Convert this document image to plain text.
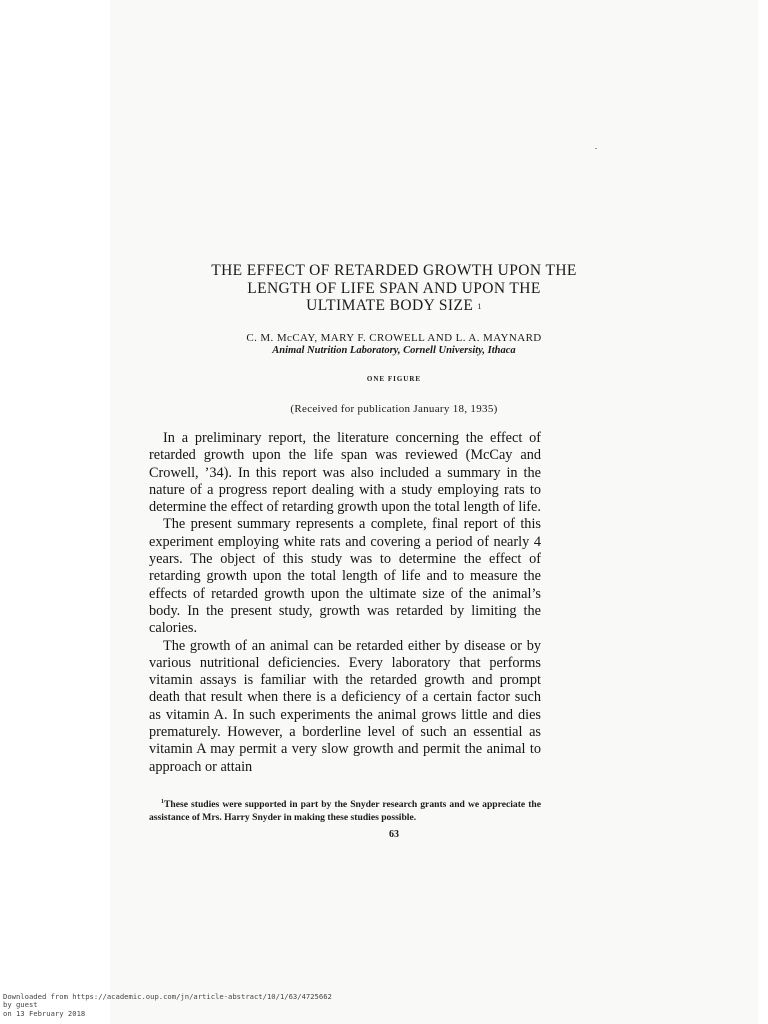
THE EFFECT OF RETARDED GROWTH UPON THE
LENGTH OF LIFE SPAN AND UPON THE
ULTIMATE BODY SIZE $^1$
C. M. McCAY, MARY F. CROWELL AND L. A. MAYNARD
Animal Nutrition Laboratory, Cornell University, Ithaca
ONE FIGURE
(Received for publication January 18, 1935)

In a preliminary report, the literature concerning the effect of retarded growth upon the life span was reviewed (McCay and Crowell, ’34). In this report was also included a summary in the nature of a progress report dealing with a study employing rats to determine the effect of retarding growth upon the total length of life.

The present summary represents a complete, final report of this experiment employing white rats and covering a period of nearly 4 years. The object of this study was to determine the effect of retarding growth upon the total length of life and to measure the effects of retarded growth upon the ultimate size of the animal’s body. In the present study, growth was retarded by limiting the calories.

The growth of an animal can be retarded either by disease or by various nutritional deficiencies. Every laboratory that performs vitamin assays is familiar with the retarded growth and prompt death that result when there is a deficiency of a certain factor such as vitamin A. In such experiments the animal grows little and dies prematurely. However, a borderline level of such an essential as vitamin A may permit a very slow growth and permit the animal to approach or attain

$^1$These studies were supported in part by the Snyder research grants and we appreciate the assistance of Mrs. Harry Snyder in making these studies possible.
63
Downloaded from https://academic.oup.com/jn/article-abstract/10/1/63/4725662
by guest
on 13 February 2018
